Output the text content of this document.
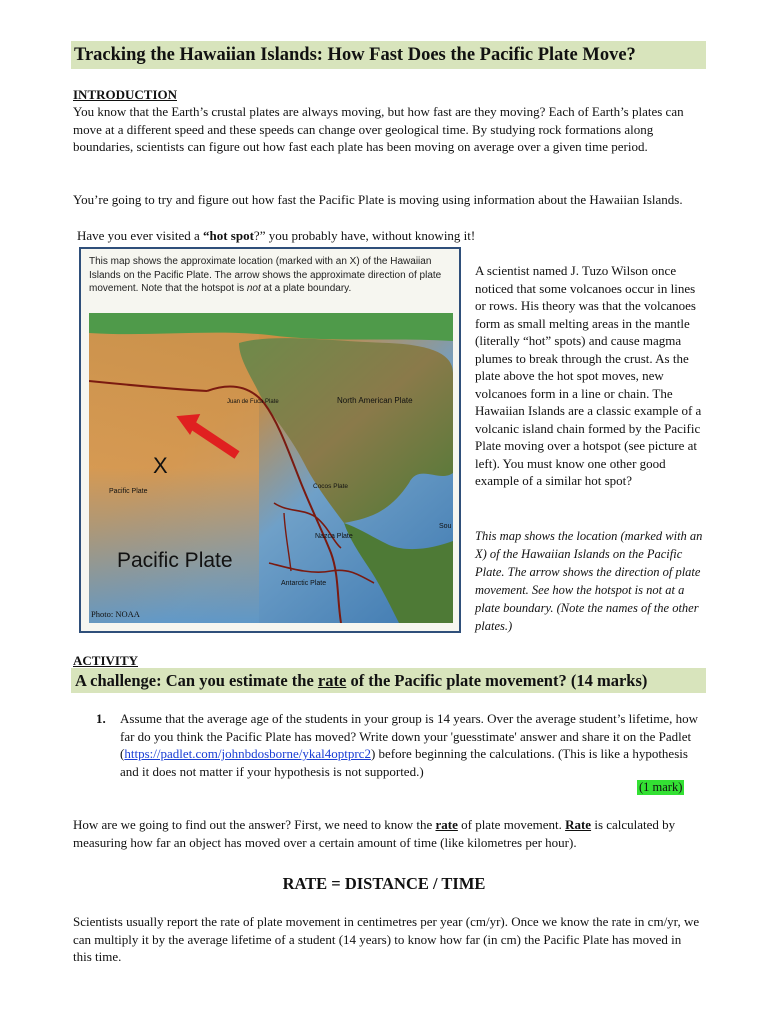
Tracking the Hawaiian Islands: How Fast Does the Pacific Plate Move?
INTRODUCTION
You know that the Earth’s crustal plates are always moving, but how fast are they moving? Each of Earth’s plates can move at a different speed and these speeds can change over geological time. By studying rock formations along boundaries, scientists can figure out how fast each plate has been moving on average over a given time period.
You’re going to try and figure out how fast the Pacific Plate is moving using information about the Hawaiian Islands.
Have you ever visited a “hot spot?” you probably have, without knowing it!
This map shows the approximate location (marked with an X) of the Hawaiian Islands on the Pacific Plate. The arrow shows the approximate direction of plate movement. Note that the hotspot is not at a plate boundary.
X
Pacific Plate
North American Plate
Juan de Fuca Plate
Cocos Plate
Nazca Plate
Pacific Plate
Antarctic Plate
Sou
Photo: NOAA
A scientist named J. Tuzo Wilson once noticed that some volcanoes occur in lines or rows. His theory was that the volcanoes form as small melting areas in the mantle (literally “hot” spots) and cause magma plumes to break through the crust. As the plate above the hot spot moves, new volcanoes form in a line or chain. The Hawaiian Islands are a classic example of a volcanic island chain formed by the Pacific Plate moving over a hotspot (see picture at left). You must know one other good example of a similar hot spot?
This map shows the location (marked with an X) of the Hawaiian Islands on the Pacific Plate. The arrow shows the direction of plate movement. See how the hotspot is not at a plate boundary. (Note the names of the other plates.)
ACTIVITY
A challenge: Can you estimate the rate of the Pacific plate movement? (14 marks)
1. Assume that the average age of the students in your group is 14 years. Over the average student’s lifetime, how far do you think the Pacific Plate has moved? Write down your 'guesstimate' answer and share it on the Padlet (https://padlet.com/johnbdosborne/ykal4optprc2) before beginning the calculations. (This is like a hypothesis and it does not matter if your hypothesis is not supported.)
(1 mark)
How are we going to find out the answer? First, we need to know the rate of plate movement. Rate is calculated by measuring how far an object has moved over a certain amount of time (like kilometres per hour).
RATE = DISTANCE / TIME
Scientists usually report the rate of plate movement in centimetres per year (cm/yr). Once we know the rate in cm/yr, we can multiply it by the average lifetime of a student (14 years) to know how far (in cm) the Pacific Plate has moved in this time.
